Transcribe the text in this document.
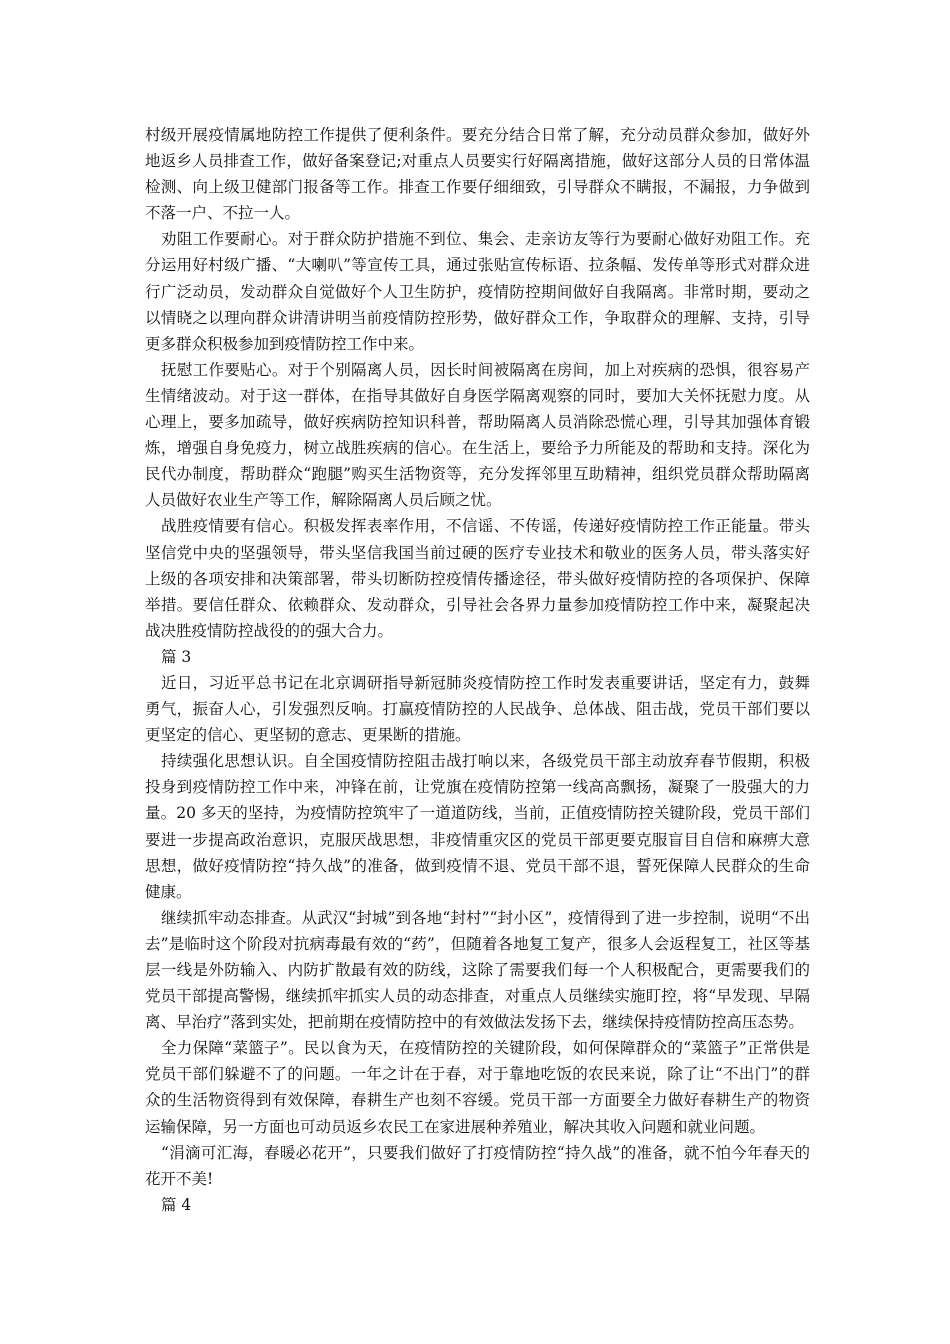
村级开展疫情属地防控工作提供了便利条件。要充分结合日常了解，充分动员群众参加，做好外地返乡人员排查工作，做好备案登记;对重点人员要实行好隔离措施，做好这部分人员的日常体温检测、向上级卫健部门报备等工作。排查工作要仔细细致，引导群众不瞒报，不漏报，力争做到不落一户、不拉一人。

劝阻工作要耐心。对于群众防护措施不到位、集会、走亲访友等行为要耐心做好劝阻工作。充分运用好村级广播、“大喇叭”等宣传工具，通过张贴宣传标语、拉条幅、发传单等形式对群众进行广泛动员，发动群众自觉做好个人卫生防护，疫情防控期间做好自我隔离。非常时期，要动之以情晓之以理向群众讲清讲明当前疫情防控形势，做好群众工作，争取群众的理解、支持，引导更多群众积极参加到疫情防控工作中来。

抚慰工作要贴心。对于个别隔离人员，因长时间被隔离在房间，加上对疾病的恐惧，很容易产生情绪波动。对于这一群体，在指导其做好自身医学隔离观察的同时，要加大关怀抚慰力度。从心理上，要多加疏导，做好疾病防控知识科普，帮助隔离人员消除恐慌心理，引导其加强体育锻炼，增强自身免疫力，树立战胜疾病的信心。在生活上，要给予力所能及的帮助和支持。深化为民代办制度，帮助群众“跑腿”购买生活物资等，充分发挥邻里互助精神，组织党员群众帮助隔离人员做好农业生产等工作，解除隔离人员后顾之忧。

战胜疫情要有信心。积极发挥表率作用，不信谣、不传谣，传递好疫情防控工作正能量。带头坚信党中央的坚强领导，带头坚信我国当前过硬的医疗专业技术和敬业的医务人员，带头落实好上级的各项安排和决策部署，带头切断防控疫情传播途径，带头做好疫情防控的各项保护、保障举措。要信任群众、依赖群众、发动群众，引导社会各界力量参加疫情防控工作中来，凝聚起决战决胜疫情防控战役的的强大合力。

篇 3

近日，习近平总书记在北京调研指导新冠肺炎疫情防控工作时发表重要讲话，坚定有力，鼓舞勇气，振奋人心，引发强烈反响。打赢疫情防控的人民战争、总体战、阻击战，党员干部们要以更坚定的信心、更坚韧的意志、更果断的措施。

持续强化思想认识。自全国疫情防控阻击战打响以来，各级党员干部主动放弃春节假期，积极投身到疫情防控工作中来，冲锋在前，让党旗在疫情防控第一线高高飘扬，凝聚了一股强大的力量。20 多天的坚持，为疫情防控筑牢了一道道防线，当前，正值疫情防控关键阶段，党员干部们要进一步提高政治意识，克服厌战思想，非疫情重灾区的党员干部更要克服盲目自信和麻痹大意思想，做好疫情防控“持久战”的准备，做到疫情不退、党员干部不退，誓死保障人民群众的生命健康。

继续抓牢动态排查。从武汉“封城”到各地“封村”“封小区”，疫情得到了进一步控制，说明“不出去”是临时这个阶段对抗病毒最有效的“药”，但随着各地复工复产，很多人会返程复工，社区等基层一线是外防输入、内防扩散最有效的防线，这除了需要我们每一个人积极配合，更需要我们的党员干部提高警惕，继续抓牢抓实人员的动态排查，对重点人员继续实施盯控，将“早发现、早隔离、早治疗”落到实处，把前期在疫情防控中的有效做法发扬下去，继续保持疫情防控高压态势。

全力保障“菜篮子”。民以食为天，在疫情防控的关键阶段，如何保障群众的“菜篮子”正常供是党员干部们躲避不了的问题。一年之计在于春，对于靠地吃饭的农民来说，除了让“不出门”的群众的生活物资得到有效保障，春耕生产也刻不容缓。党员干部一方面要全力做好春耕生产的物资运输保障，另一方面也可动员返乡农民工在家进展种养殖业，解决其收入问题和就业问题。

“涓滴可汇海，春暖必花开”，只要我们做好了打疫情防控“持久战”的准备，就不怕今年春天的花开不美!

篇 4
